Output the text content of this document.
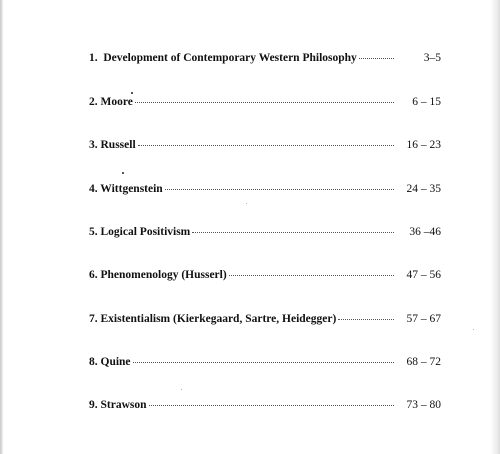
1. Development of Contemporary Western Philosophy	3–5
2. Moore	6 – 15
3. Russell	16 – 23
4. Wittgenstein	24 – 35
5. Logical Positivism	36 –46
6. Phenomenology (Husserl)	47 – 56
7. Existentialism (Kierkegaard, Sartre, Heidegger)	57 – 67
8. Quine	68 – 72
9. Strawson	73 – 80
